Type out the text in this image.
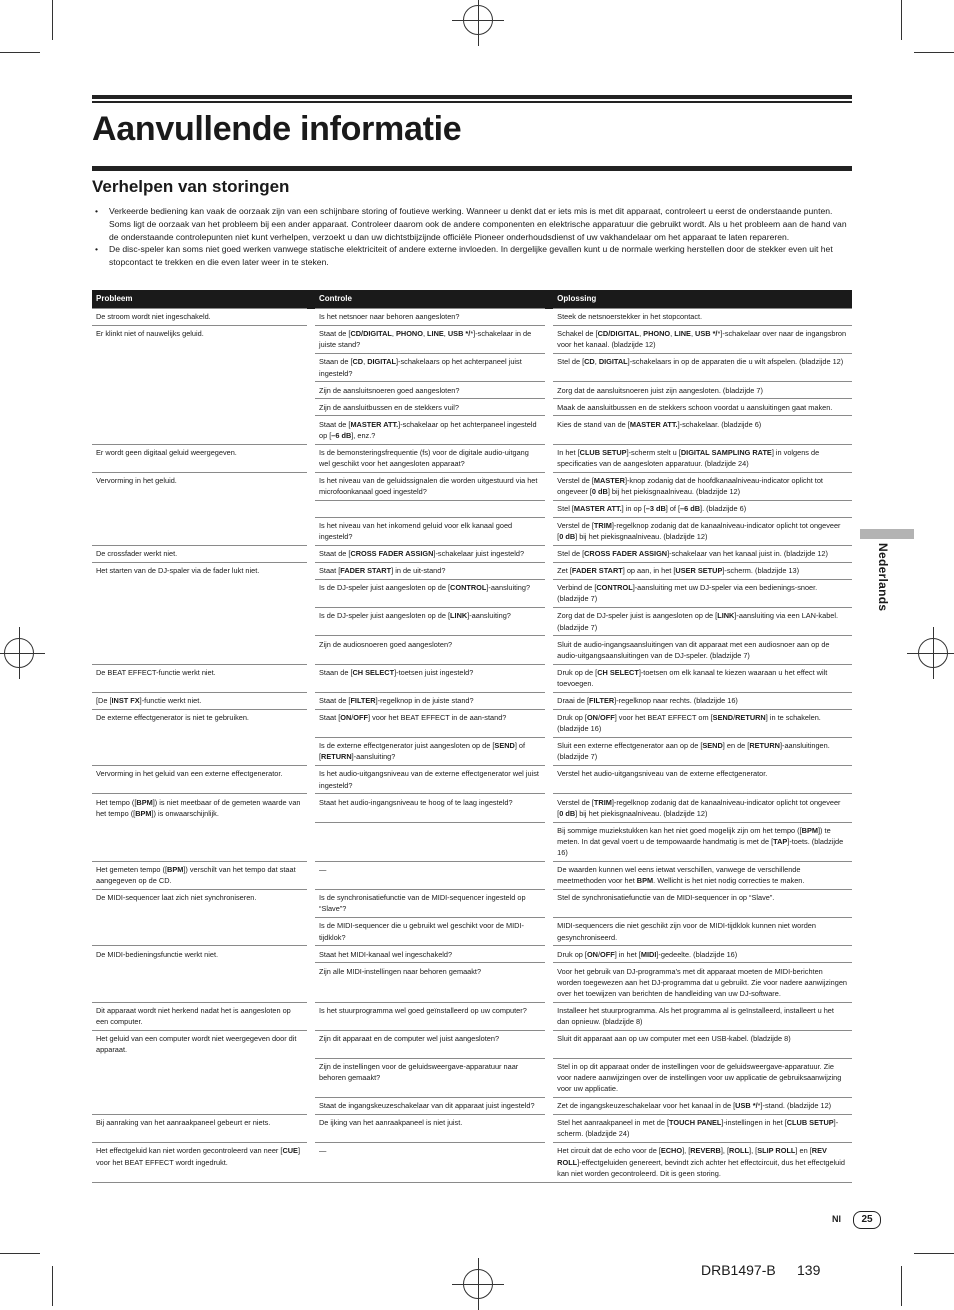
Aanvullende informatie
Verhelpen van storingen
• Verkeerde bediening kan vaak de oorzaak zijn van een schijnbare storing of foutieve werking. Wanneer u denkt dat er iets mis is met dit apparaat, controleert u eerst de onderstaande punten. Soms ligt de oorzaak van het probleem bij een ander apparaat. Controleer daarom ook de andere componenten en elektrische apparatuur die gebruikt wordt. Als u het probleem aan de hand van de onderstaande controlepunten niet kunt verhelpen, verzoekt u dan uw dichtstbijzijnde officiële Pioneer onderhoudsdienst of uw vakhandelaar om het apparaat te laten repareren.
• De disc-speler kan soms niet goed werken vanwege statische elektriciteit of andere externe invloeden. In dergelijke gevallen kunt u de normale werking herstellen door de stekker even uit het stopcontact te trekken en die even later weer in te steken.
Probleem		Controle		Oplossing
De stroom wordt niet ingeschakeld.		Is het netsnoer naar behoren aangesloten?		Steek de netsnoerstekker in het stopcontact.
Er klinkt niet of nauwelijks geluid.		Staat de [CD/DIGITAL, PHONO, LINE, USB */*]-schakelaar in de juiste stand?		Schakel de [CD/DIGITAL, PHONO, LINE, USB */*]-schakelaar over naar de ingangsbron voor het kanaal. (bladzijde 12)
		Staan de [CD, DIGITAL]-schakelaars op het achterpaneel juist ingesteld?		Stel de [CD, DIGITAL]-schakelaars in op de apparaten die u wilt afspelen. (bladzijde 12)
		Zijn de aansluitsnoeren goed aangesloten?		Zorg dat de aansluitsnoeren juist zijn aangesloten. (bladzijde 7)
		Zijn de aansluitbussen en de stekkers vuil?		Maak de aansluitbussen en de stekkers schoon voordat u aansluitingen gaat maken.
		Staat de [MASTER ATT.]-schakelaar op het achterpaneel ingesteld op [–6 dB], enz.?		Kies de stand van de [MASTER ATT.]-schakelaar. (bladzijde 6)
Er wordt geen digitaal geluid weergegeven.		Is de bemonsteringsfrequentie (fs) voor de digitale audio-uitgang wel geschikt voor het aangesloten apparaat?		In het [CLUB SETUP]-scherm stelt u [DIGITAL SAMPLING RATE] in volgens de specificaties van de aangesloten apparatuur. (bladzijde 24)
Vervorming in het geluid.		Is het niveau van de geluidssignalen die worden uitgestuurd via het microfoonkanaal goed ingesteld?		Verstel de [MASTER]-knop zodanig dat de hoofdkanaalniveau-indicator oplicht tot ongeveer [0 dB] bij het piekisgnaalniveau. (bladzijde 12)
				Stel [MASTER ATT.] in op [–3 dB] of [–6 dB]. (bladzijde 6)
		Is het niveau van het inkomend geluid voor elk kanaal goed ingesteld?		Verstel de [TRIM]-regelknop zodanig dat de kanaalniveau-indicator oplicht tot ongeveer [0 dB] bij het piekisgnaalniveau. (bladzijde 12)
De crossfader werkt niet.		Staat de [CROSS FADER ASSIGN]-schakelaar juist ingesteld?		Stel de [CROSS FADER ASSIGN]-schakelaar van het kanaal juist in. (bladzijde 12)
Het starten van de DJ-spaler via de fader lukt niet.		Staat [FADER START] in de uit-stand?		Zet [FADER START] op aan, in het [USER SETUP]-scherm. (bladzijde 13)
		Is de DJ-speler juist aangesloten op de [CONTROL]-aansluiting?		Verbind de [CONTROL]-aansluiting met uw DJ-speler via een bedienings-snoer. (bladzijde 7)
		Is de DJ-speler juist aangesloten op de [LINK]-aansluiting?		Zorg dat de DJ-speler juist is aangesloten op de [LINK]-aansluiting via een LAN-kabel. (bladzijde 7)
		Zijn de audiosnoeren goed aangesloten?		Sluit de audio-ingangsaansluitingen van dit apparaat met een audiosnoer aan op de audio-uitgangsaansluitingen van de DJ-speler. (bladzijde 7)
De BEAT EFFECT-functie werkt niet.		Staan de [CH SELECT]-toetsen juist ingesteld?		Druk op de [CH SELECT]-toetsen om elk kanaal te kiezen waaraan u het effect wilt toevoegen.
[De [INST FX]-functie werkt niet.		Staat de [FILTER]-regelknop in de juiste stand?		Draai de [FILTER]-regelknop naar rechts. (bladzijde 16)
De externe effectgenerator is niet te gebruiken.		Staat [ON/OFF] voor het BEAT EFFECT in de aan-stand?		Druk op [ON/OFF] voor het BEAT EFFECT om [SEND/RETURN] in te schakelen. (bladzijde 16)
		Is de externe effectgenerator juist aangesloten op de [SEND] of [RETURN]-aansluiting?		Sluit een externe effectgenerator aan op de [SEND] en de [RETURN]-aansluitingen. (bladzijde 7)
Vervorming in het geluid van een externe effectgenerator.		Is het audio-uitgangsniveau van de externe effectgenerator wel juist ingesteld?		Verstel het audio-uitgangsniveau van de externe effectgenerator.
Het tempo ([BPM]) is niet meetbaar of de gemeten waarde van het tempo ([BPM]) is onwaarschijnlijk.		Staat het audio-ingangsniveau te hoog of te laag ingesteld?		Verstel de [TRIM]-regelknop zodanig dat de kanaalniveau-indicator oplicht tot ongeveer [0 dB] bij het piekisgnaalniveau. (bladzijde 12)
				Bij sommige muziekstukken kan het niet goed mogelijk zijn om het tempo ([BPM]) te meten. In dat geval voert u de tempowaarde handmatig is met de [TAP]-toets. (bladzijde 16)
Het gemeten tempo ([BPM]) verschilt van het tempo dat staat aangegeven op de CD.		—		De waarden kunnen wel eens ietwat verschillen, vanwege de verschillende meetmethoden voor het BPM. Wellicht is het niet nodig correcties te maken.
De MIDI-sequencer laat zich niet synchroniseren.		Is de synchronisatiefunctie van de MIDI-sequencer ingesteld op “Slave”?		Stel de synchronisatiefunctie van de MIDI-sequencer in op “Slave”.
		Is de MIDI-sequencer die u gebruikt wel geschikt voor de MIDI-tijdklok?		MIDI-sequencers die niet geschikt zijn voor de MIDI-tijdklok kunnen niet worden gesynchroniseerd.
De MIDI-bedieningsfunctie werkt niet.		Staat het MIDI-kanaal wel ingeschakeld?		Druk op [ON/OFF] in het [MIDI]-gedeelte. (bladzijde 16)
		Zijn alle MIDI-instellingen naar behoren gemaakt?		Voor het gebruik van DJ-programma’s met dit apparaat moeten de MIDI-berichten worden toegewezen aan het DJ-programma dat u gebruikt. Zie voor nadere aanwijzingen over het toewijzen van berichten de handleiding van uw DJ-software.
Dit apparaat wordt niet herkend nadat het is aangesloten op een computer.		Is het stuurprogramma wel goed geïnstalleerd op uw computer?		Installeer het stuurprogramma. Als het programma al is geïnstalleerd, installeert u het dan opnieuw. (bladzijde 8)
Het geluid van een computer wordt niet weergegeven door dit apparaat.		Zijn dit apparaat en de computer wel juist aangesloten?		Sluit dit apparaat aan op uw computer met een USB-kabel. (bladzijde 8)
		Zijn de instellingen voor de geluidsweergave-apparatuur naar behoren gemaakt?		Stel in op dit apparaat onder de instellingen voor de geluidsweergave-apparatuur. Zie voor nadere aanwijzingen over de instellingen voor uw applicatie de gebruiksaanwijzing voor uw applicatie.
		Staat de ingangskeuzeschakelaar van dit apparaat juist ingesteld?		Zet de ingangskeuzeschakelaar voor het kanaal in de [USB */*]-stand. (bladzijde 12)
Bij aanraking van het aanraakpaneel gebeurt er niets.		De ijking van het aanraakpaneel is niet juist.		Stel het aanraakpaneel in met de [TOUCH PANEL]-instellingen in het [CLUB SETUP]-scherm. (bladzijde 24)
Het effectgeluid kan niet worden gecontroleerd van neer [CUE] voor het BEAT EFFECT wordt ingedrukt.		—		Het circuit dat de echo voor de [ECHO], [REVERB], [ROLL], [SLIP ROLL] en [REV ROLL]-effectgeluiden genereert, bevindt zich achter het effectcircuit, dus het effectgeluid kan niet worden gecontroleerd. Dit is geen storing.
Nederlands
Nl	25
DRB1497-B 139
